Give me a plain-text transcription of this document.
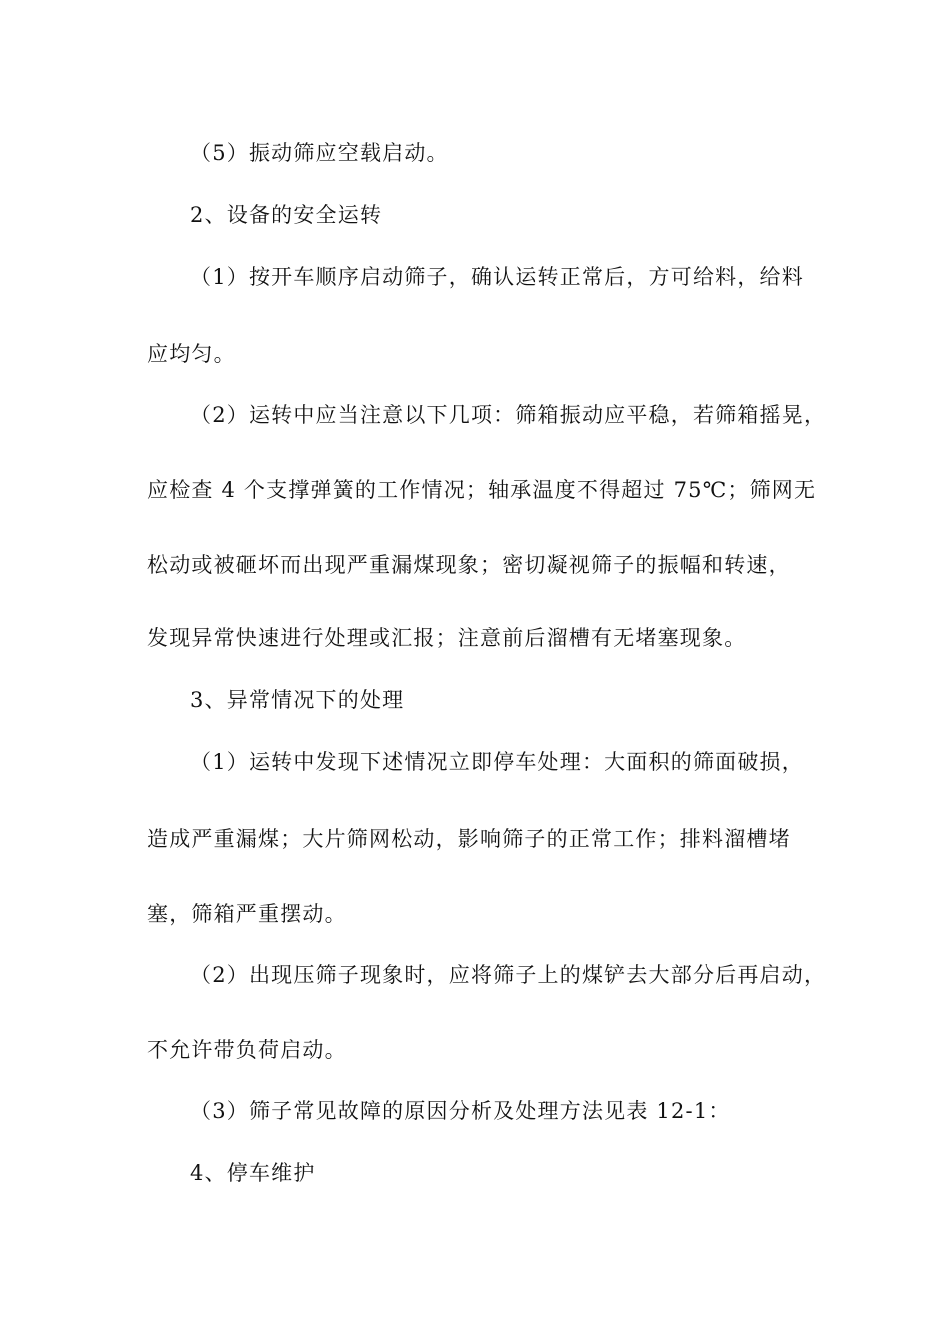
（5）振动筛应空载启动。
2、设备的安全运转
（1）按开车顺序启动筛子，确认运转正常后，方可给料，给料
应均匀。
（2）运转中应当注意以下几项：筛箱振动应平稳，若筛箱摇晃，
应检查 4 个支撑弹簧的工作情况；轴承温度不得超过 75℃；筛网无
松动或被砸坏而出现严重漏煤现象；密切凝视筛子的振幅和转速，
发现异常快速进行处理或汇报；注意前后溜槽有无堵塞现象。
3、异常情况下的处理
（1）运转中发现下述情况立即停车处理：大面积的筛面破损，
造成严重漏煤；大片筛网松动，影响筛子的正常工作；排料溜槽堵
塞，筛箱严重摆动。
（2）出现压筛子现象时，应将筛子上的煤铲去大部分后再启动，
不允许带负荷启动。
（3）筛子常见故障的原因分析及处理方法见表 12-1：
4、停车维护
